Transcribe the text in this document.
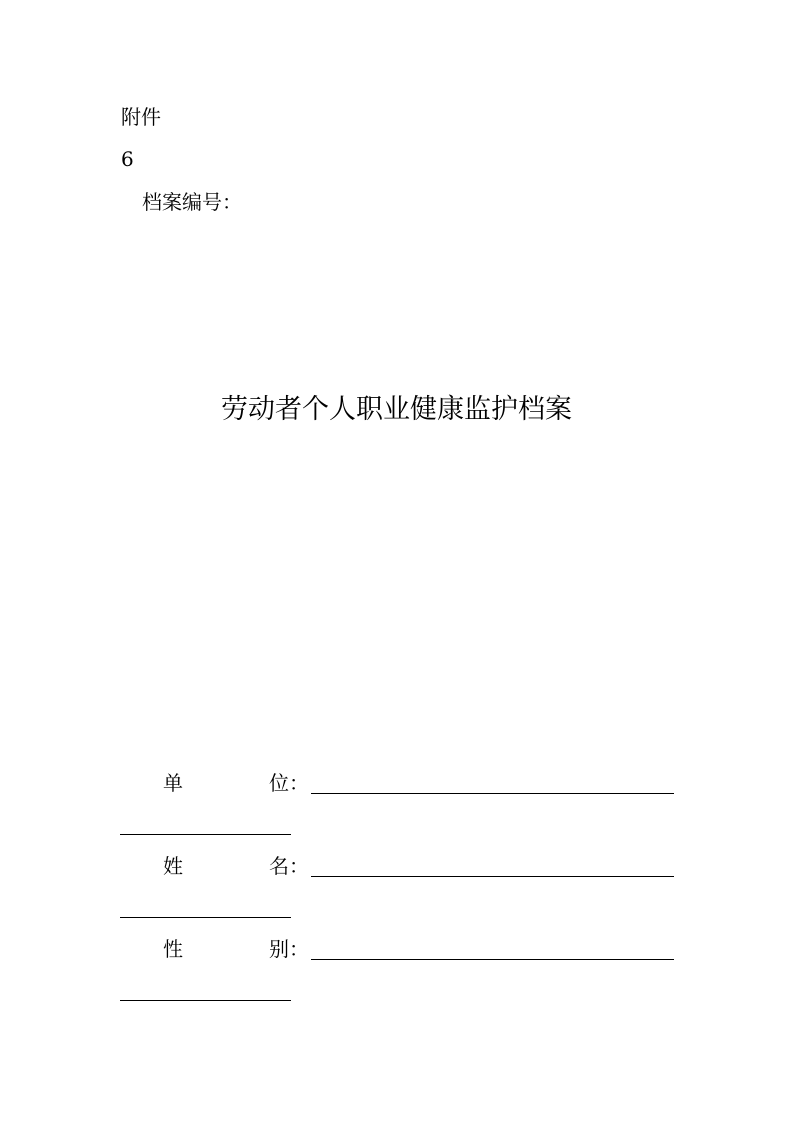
附件
6
档案编号：
劳动者个人职业健康监护档案
单	位：
姓	名：
性	别：
